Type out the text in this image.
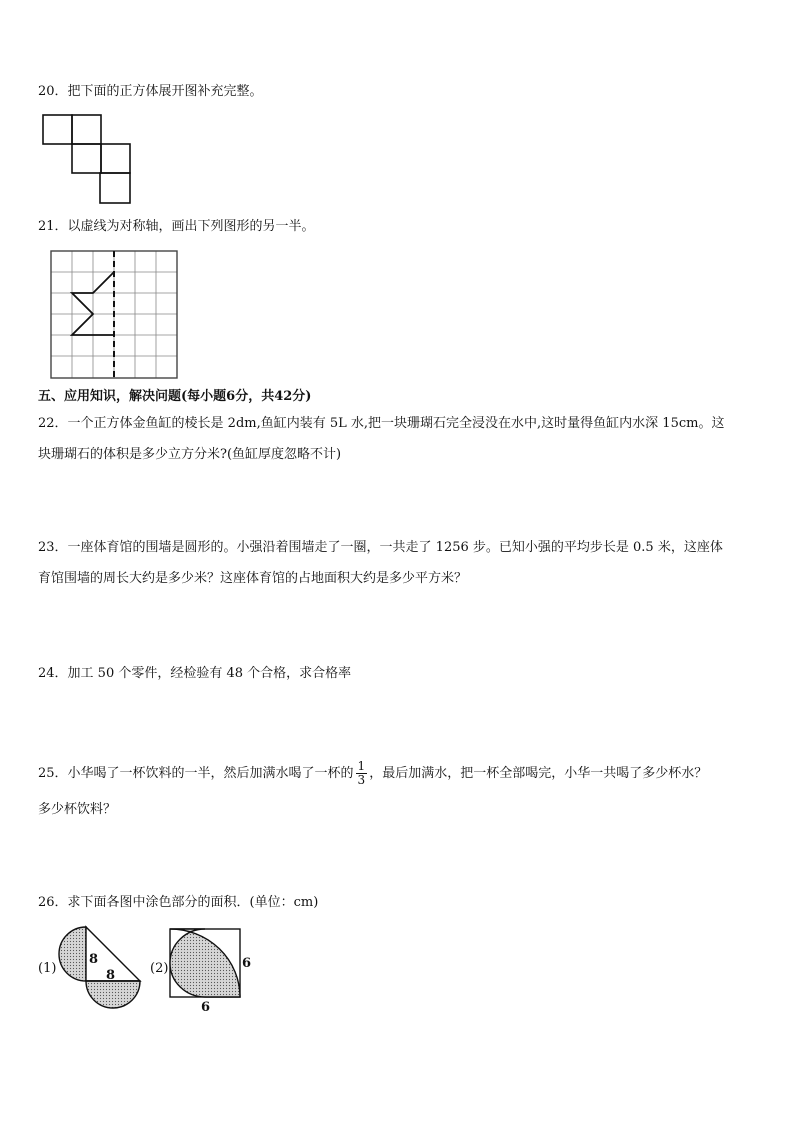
20．把下面的正方体展开图补充完整。
21．以虚线为对称轴，画出下列图形的另一半。
五、应用知识，解决问题(每小题6分，共42分)
22．一个正方体金鱼缸的棱长是 2dm,鱼缸内装有 5L 水,把一块珊瑚石完全浸没在水中,这时量得鱼缸内水深 15cm。这
块珊瑚石的体积是多少立方分米?(鱼缸厚度忽略不计)
23．一座体育馆的围墙是圆形的。小强沿着围墙走了一圈，一共走了 1256 步。已知小强的平均步长是 0.5 米，这座体
育馆围墙的周长大约是多少米？这座体育馆的占地面积大约是多少平方米？
24．加工 50 个零件，经检验有 48 个合格，求合格率
25．小华喝了一杯饮料的一半，然后加满水喝了一杯的 $\frac{1}{3}$ ，最后加满水，把一杯全部喝完，小华一共喝了多少杯水？
多少杯饮料？
26．求下面各图中涂色部分的面积．(单位：cm)
(1)
8
8	(2)	6
6
